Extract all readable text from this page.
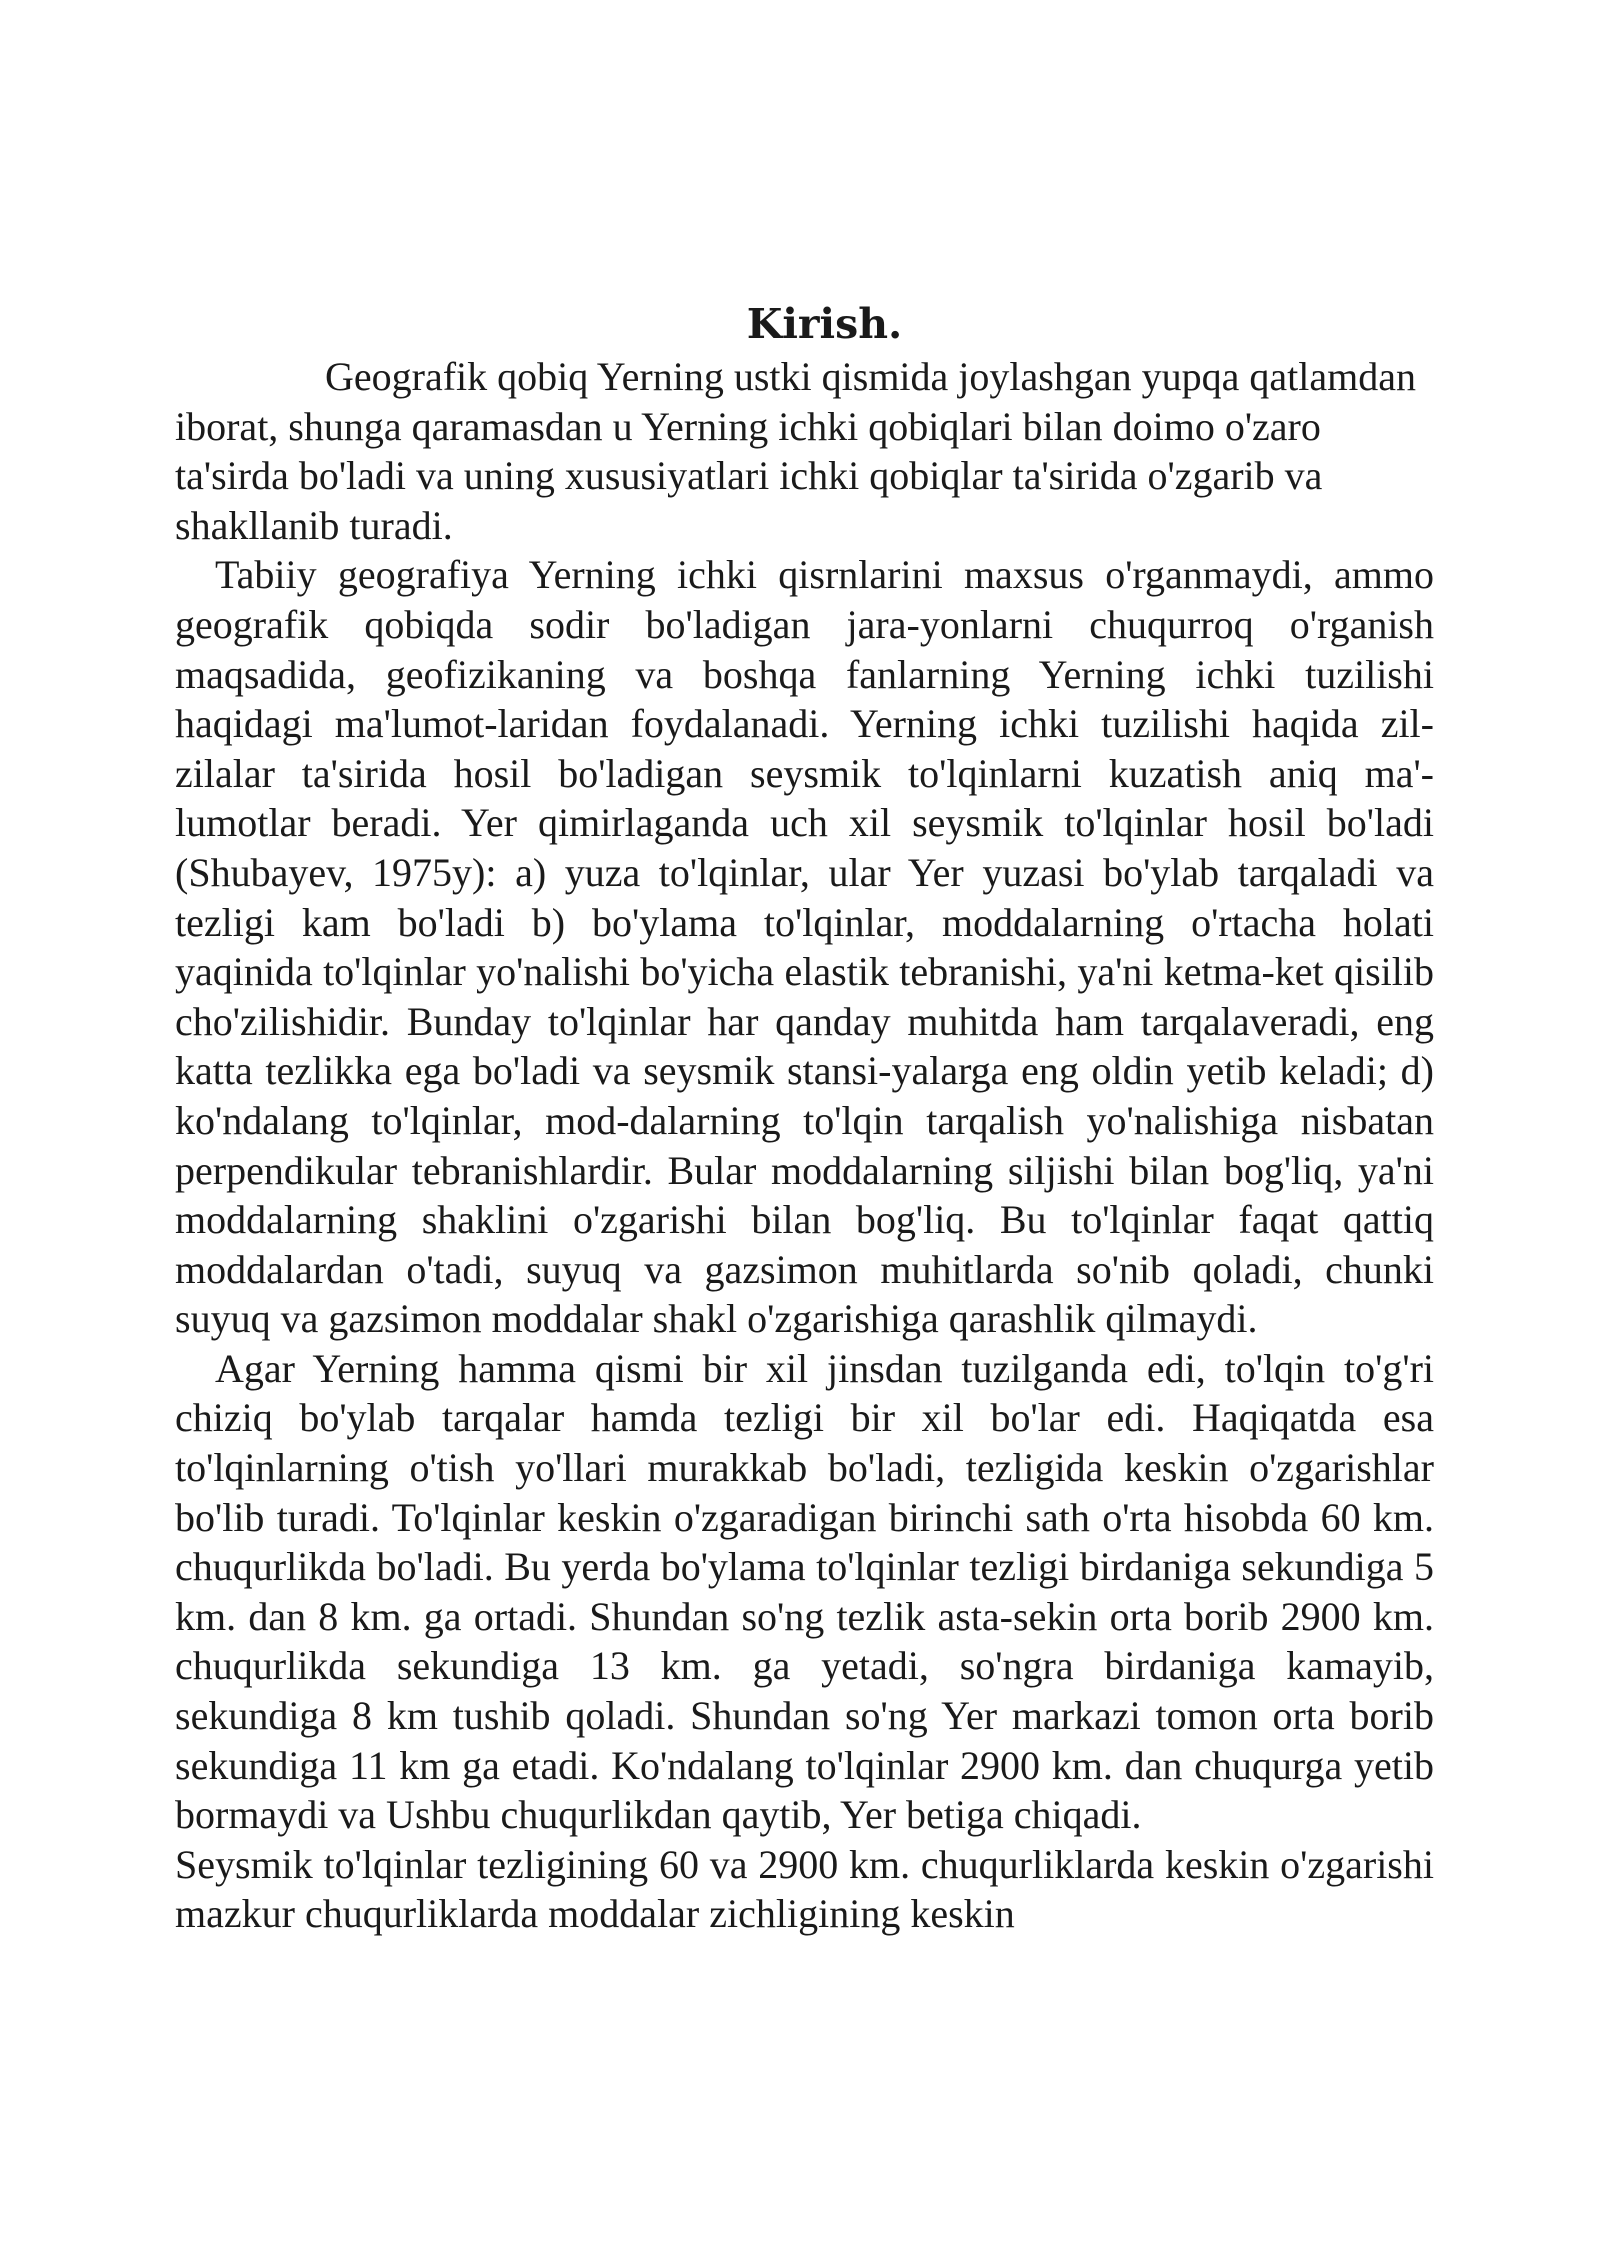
Kirish.

Geografik qobiq Yerning ustki qismida joylashgan yupqa qatlamdan iborat, shunga qaramasdan u Yerning ichki qobiqlari bilan doimo o'zaro ta'sirda bo'ladi va uning xususiyatlari ichki qobiqlar ta'sirida o'zgarib va shakllanib turadi.

Tabiiy geografiya Yerning ichki qisrnlarini maxsus o'rganmaydi, ammo geografik qobiqda sodir bo'ladigan jara-yonlarni chuqurroq o'rganish maqsadida, geofizikaning va boshqa fanlarning Yerning ichki tuzilishi haqidagi ma'lumot-laridan foydalanadi. Yerning ichki tuzilishi haqida zil-zilalar ta'sirida hosil bo'ladigan seysmik to'lqinlarni kuzatish aniq ma'-lumotlar beradi. Yer qimirlaganda uch xil seysmik to'lqinlar hosil bo'ladi (Shubayev, 1975y): a) yuza to'lqinlar, ular Yer yuzasi bo'ylab tarqaladi va tezligi kam bo'ladi b) bo'ylama to'lqinlar, moddalarning o'rtacha holati yaqinida to'lqinlar yo'nalishi bo'yicha elastik tebranishi, ya'ni ketma-ket qisilib cho'zilishidir. Bunday to'lqinlar har qanday muhitda ham tarqalaveradi, eng katta tezlikka ega bo'ladi va seysmik stansi-yalarga eng oldin yetib keladi; d) ko'ndalang to'lqinlar, mod-dalarning to'lqin tarqalish yo'nalishiga nisbatan perpendikular tebranishlardir. Bular moddalarning siljishi bilan bog'liq, ya'ni moddalarning shaklini o'zgarishi bilan bog'liq. Bu to'lqinlar faqat qattiq moddalardan o'tadi, suyuq va gazsimon muhitlarda so'nib qoladi, chunki suyuq va gazsimon moddalar shakl o'zgarishiga qarashlik qilmaydi.

Agar Yerning hamma qismi bir xil jinsdan tuzilganda edi, to'lqin to'g'ri chiziq bo'ylab tarqalar hamda tezligi bir xil bo'lar edi. Haqiqatda esa to'lqinlarning o'tish yo'llari murakkab bo'ladi, tezligida keskin o'zgarishlar bo'lib turadi. To'lqinlar keskin o'zgaradigan birinchi sath o'rta hisobda 60 km. chuqurlikda bo'ladi. Bu yerda bo'ylama to'lqinlar tezligi birdaniga sekundiga 5 km. dan 8 km. ga ortadi. Shundan so'ng tezlik asta-sekin orta borib 2900 km. chuqurlikda sekundiga 13 km. ga yetadi, so'ngra birdaniga kamayib, sekundiga 8 km tushib qoladi. Shundan so'ng Yer markazi tomon orta borib sekundiga 11 km ga etadi. Ko'ndalang to'lqinlar 2900 km. dan chuqurga yetib bormaydi va Ushbu chuqurlikdan qaytib, Yer betiga chiqadi.

Seysmik to'lqinlar tezligining 60 va 2900 km. chuqurliklarda keskin o'zgarishi mazkur chuqurliklarda moddalar zichligining keskin
